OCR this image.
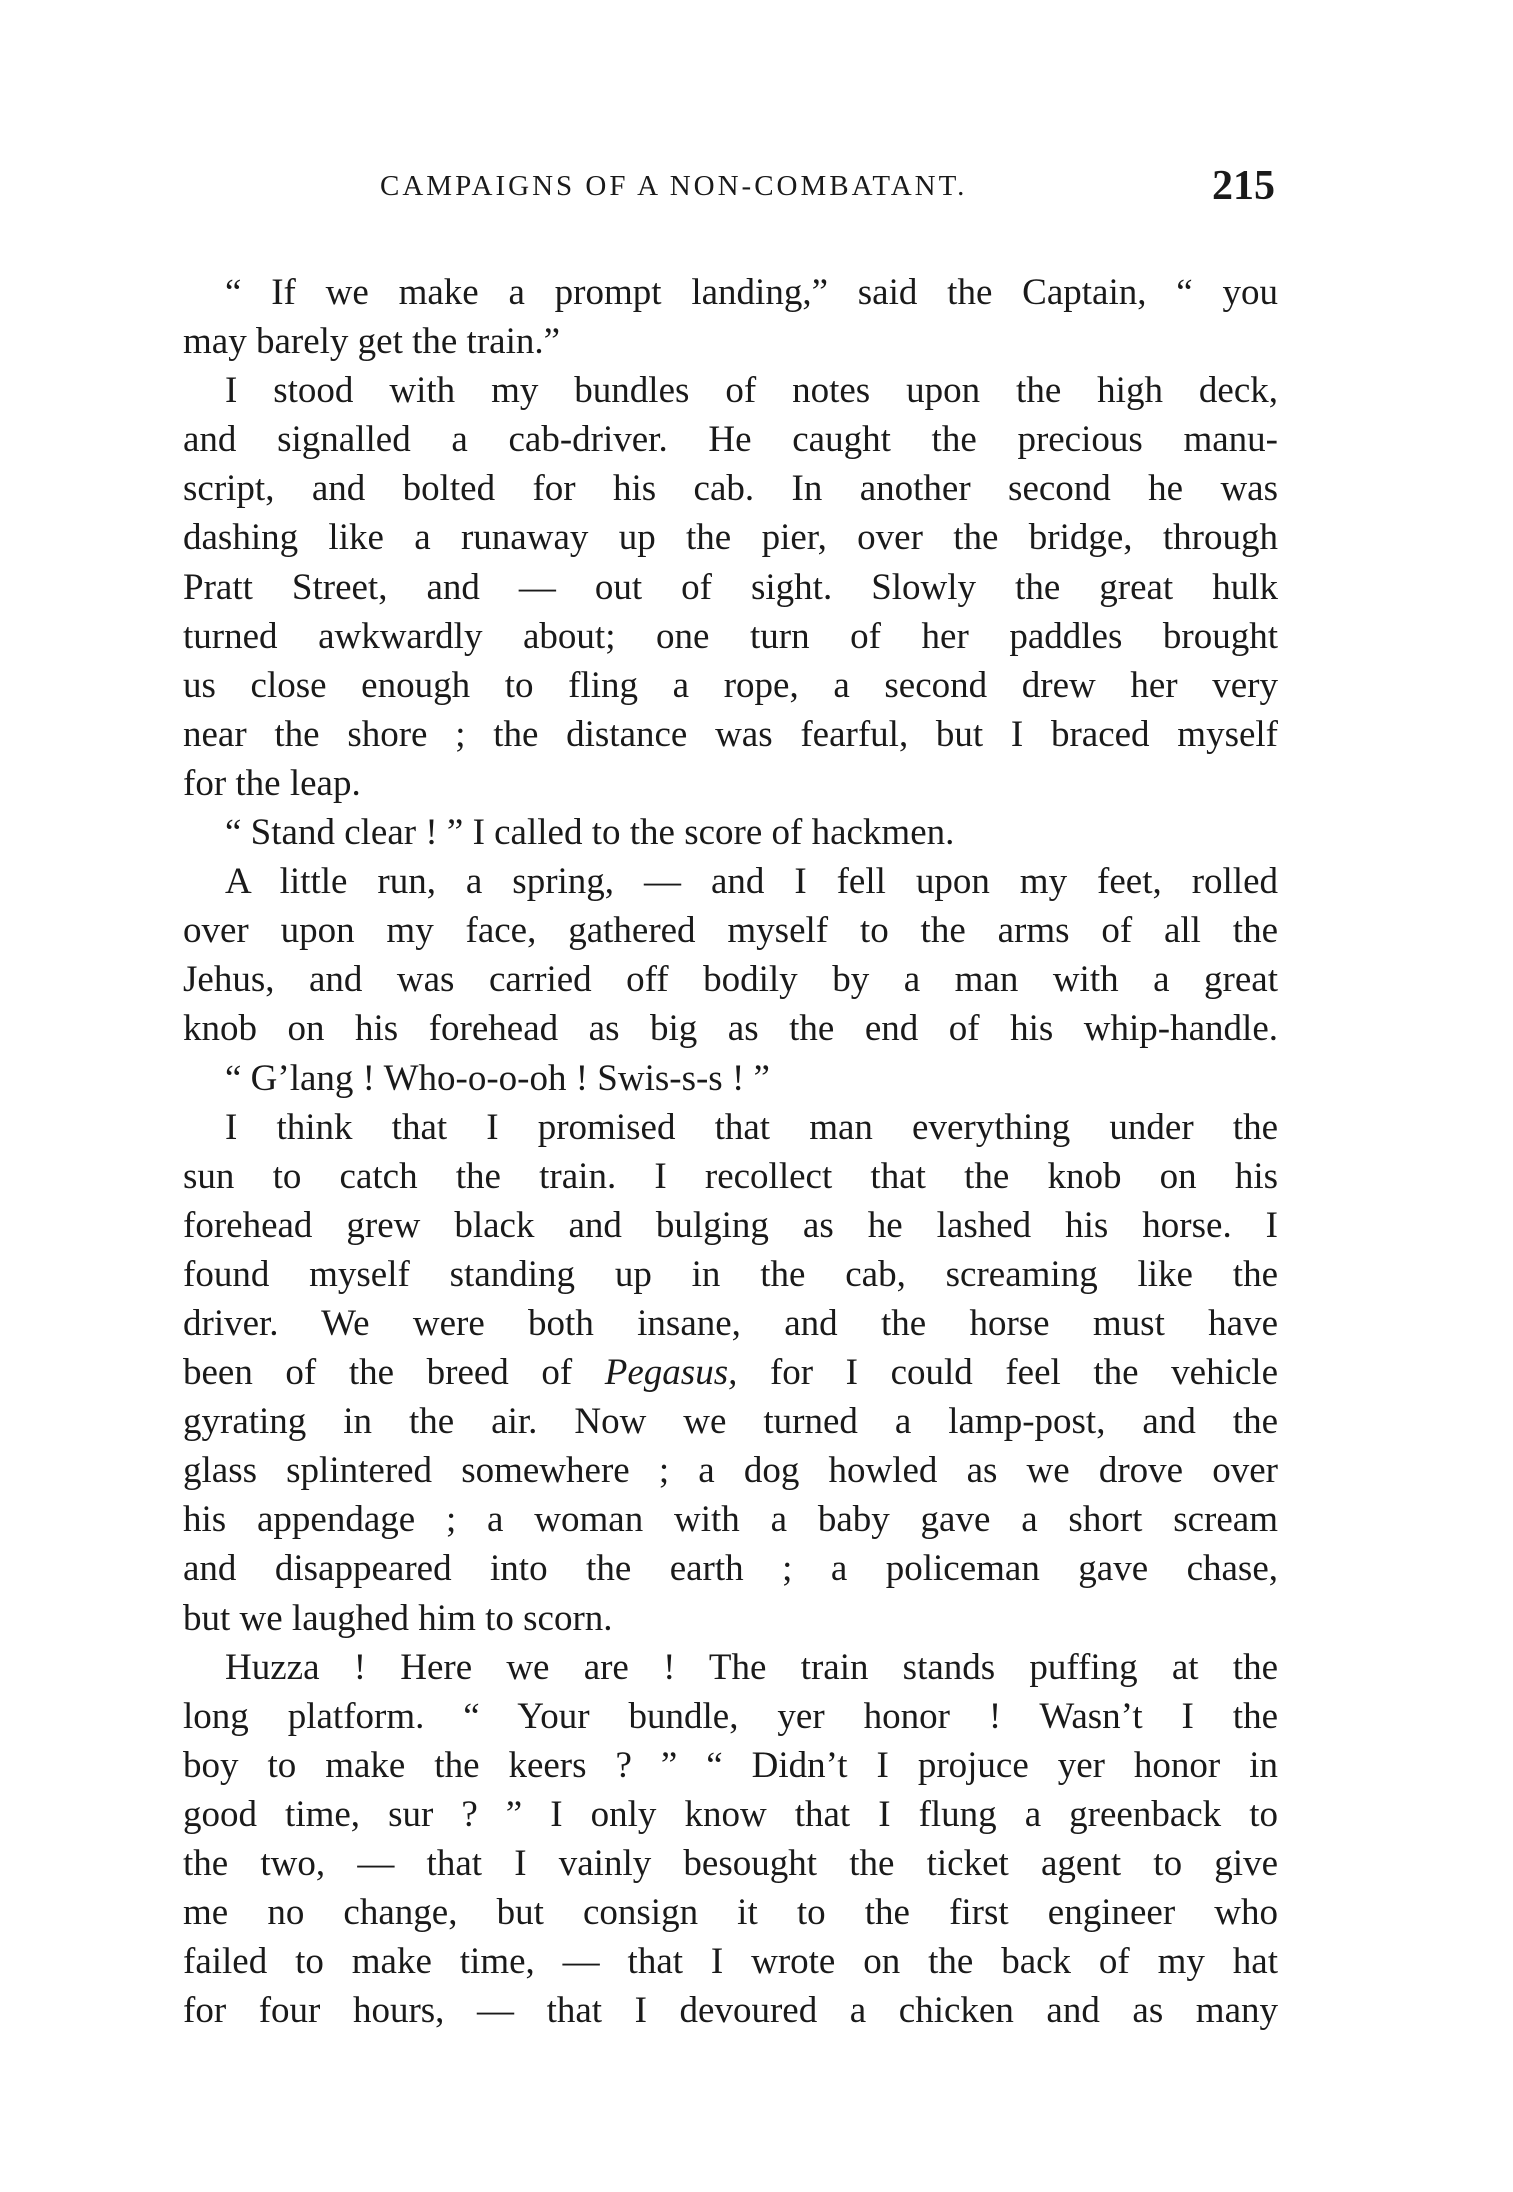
CAMPAIGNS OF A NON-COMBATANT.	215
“ If we make a prompt landing,” said the Captain, “ you
may barely get the train.”
I stood with my bundles of notes upon the high deck,
and signalled a cab-driver. He caught the precious manu-
script, and bolted for his cab. In another second he was
dashing like a runaway up the pier, over the bridge, through
Pratt Street, and — out of sight. Slowly the great hulk
turned awkwardly about; one turn of her paddles brought
us close enough to fling a rope, a second drew her very
near the shore ; the distance was fearful, but I braced myself
for the leap.
“ Stand clear ! ” I called to the score of hackmen.
A little run, a spring, — and I fell upon my feet, rolled
over upon my face, gathered myself to the arms of all the
Jehus, and was carried off bodily by a man with a great
knob on his forehead as big as the end of his whip-handle.
“ G’lang ! Who-o-o-oh ! Swis-s-s ! ”
I think that I promised that man everything under the
sun to catch the train. I recollect that the knob on his
forehead grew black and bulging as he lashed his horse. I
found myself standing up in the cab, screaming like the
driver. We were both insane, and the horse must have
been of the breed of Pegasus, for I could feel the vehicle
gyrating in the air. Now we turned a lamp-post, and the
glass splintered somewhere ; a dog howled as we drove over
his appendage ; a woman with a baby gave a short scream
and disappeared into the earth ; a policeman gave chase,
but we laughed him to scorn.
Huzza ! Here we are ! The train stands puffing at the
long platform. “ Your bundle, yer honor ! Wasn’t I the
boy to make the keers ? ” “ Didn’t I projuce yer honor in
good time, sur ? ” I only know that I flung a greenback to
the two, — that I vainly besought the ticket agent to give
me no change, but consign it to the first engineer who
failed to make time, — that I wrote on the back of my hat
for four hours, — that I devoured a chicken and as many
